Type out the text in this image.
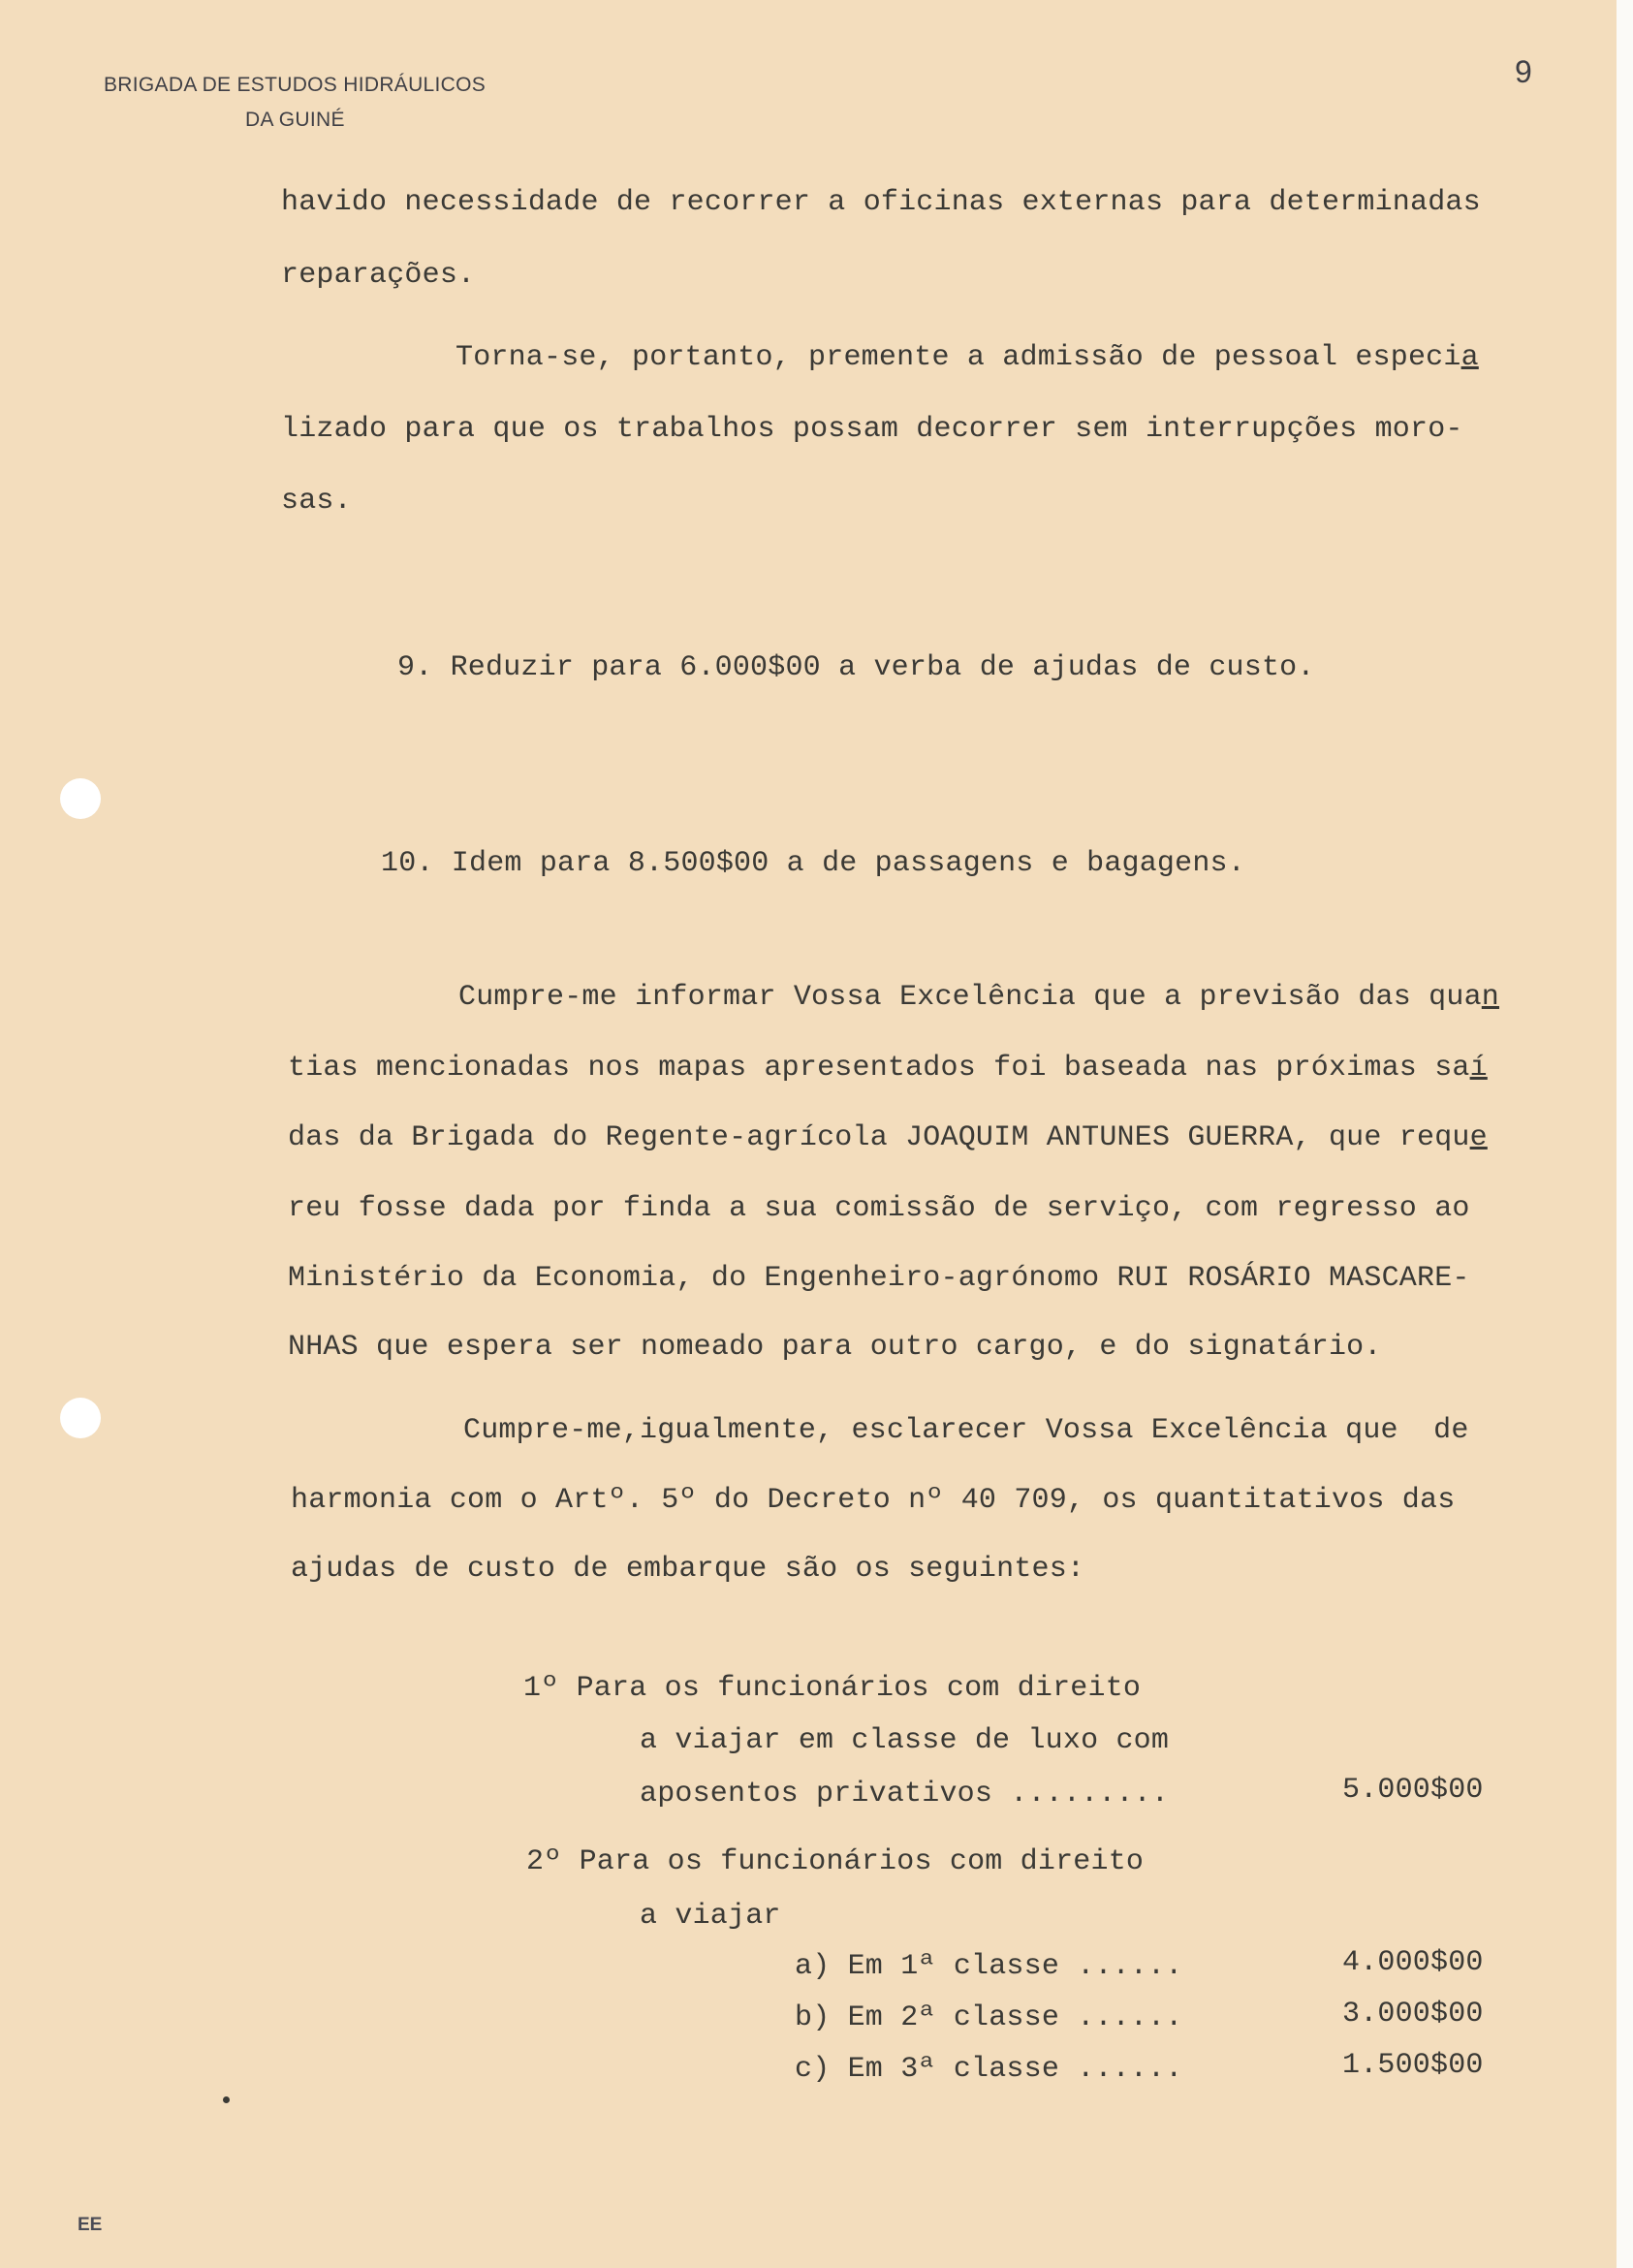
BRIGADA DE ESTUDOS HIDRÁULICOS
DA GUINÉ
9
havido necessidade de recorrer a oficinas externas para determinadas
reparações.
Torna-se, portanto, premente a admissão de pessoal especia
lizado para que os trabalhos possam decorrer sem interrupções moro-
sas.
9. Reduzir para 6.000$00 a verba de ajudas de custo.
10. Idem para 8.500$00 a de passagens e bagagens.
Cumpre-me informar Vossa Excelência que a previsão das quan
tias mencionadas nos mapas apresentados foi baseada nas próximas saí
das da Brigada do Regente-agrícola JOAQUIM ANTUNES GUERRA, que reque
reu fosse dada por finda a sua comissão de serviço, com regresso ao
Ministério da Economia, do Engenheiro-agrónomo RUI ROSÁRIO MASCARE-
NHAS que espera ser nomeado para outro cargo, e do signatário.
Cumpre-me,igualmente, esclarecer Vossa Excelência que  de
harmonia com o Artº. 5º do Decreto nº 40 709, os quantitativos das
ajudas de custo de embarque são os seguintes:
1º Para os funcionários com direito
a viajar em classe de luxo com
aposentos privativos .........	5.000$00
2º Para os funcionários com direito
a viajar
a) Em 1ª classe ......	4.000$00
b) Em 2ª classe ......	3.000$00
c) Em 3ª classe ......	1.500$00
EE
